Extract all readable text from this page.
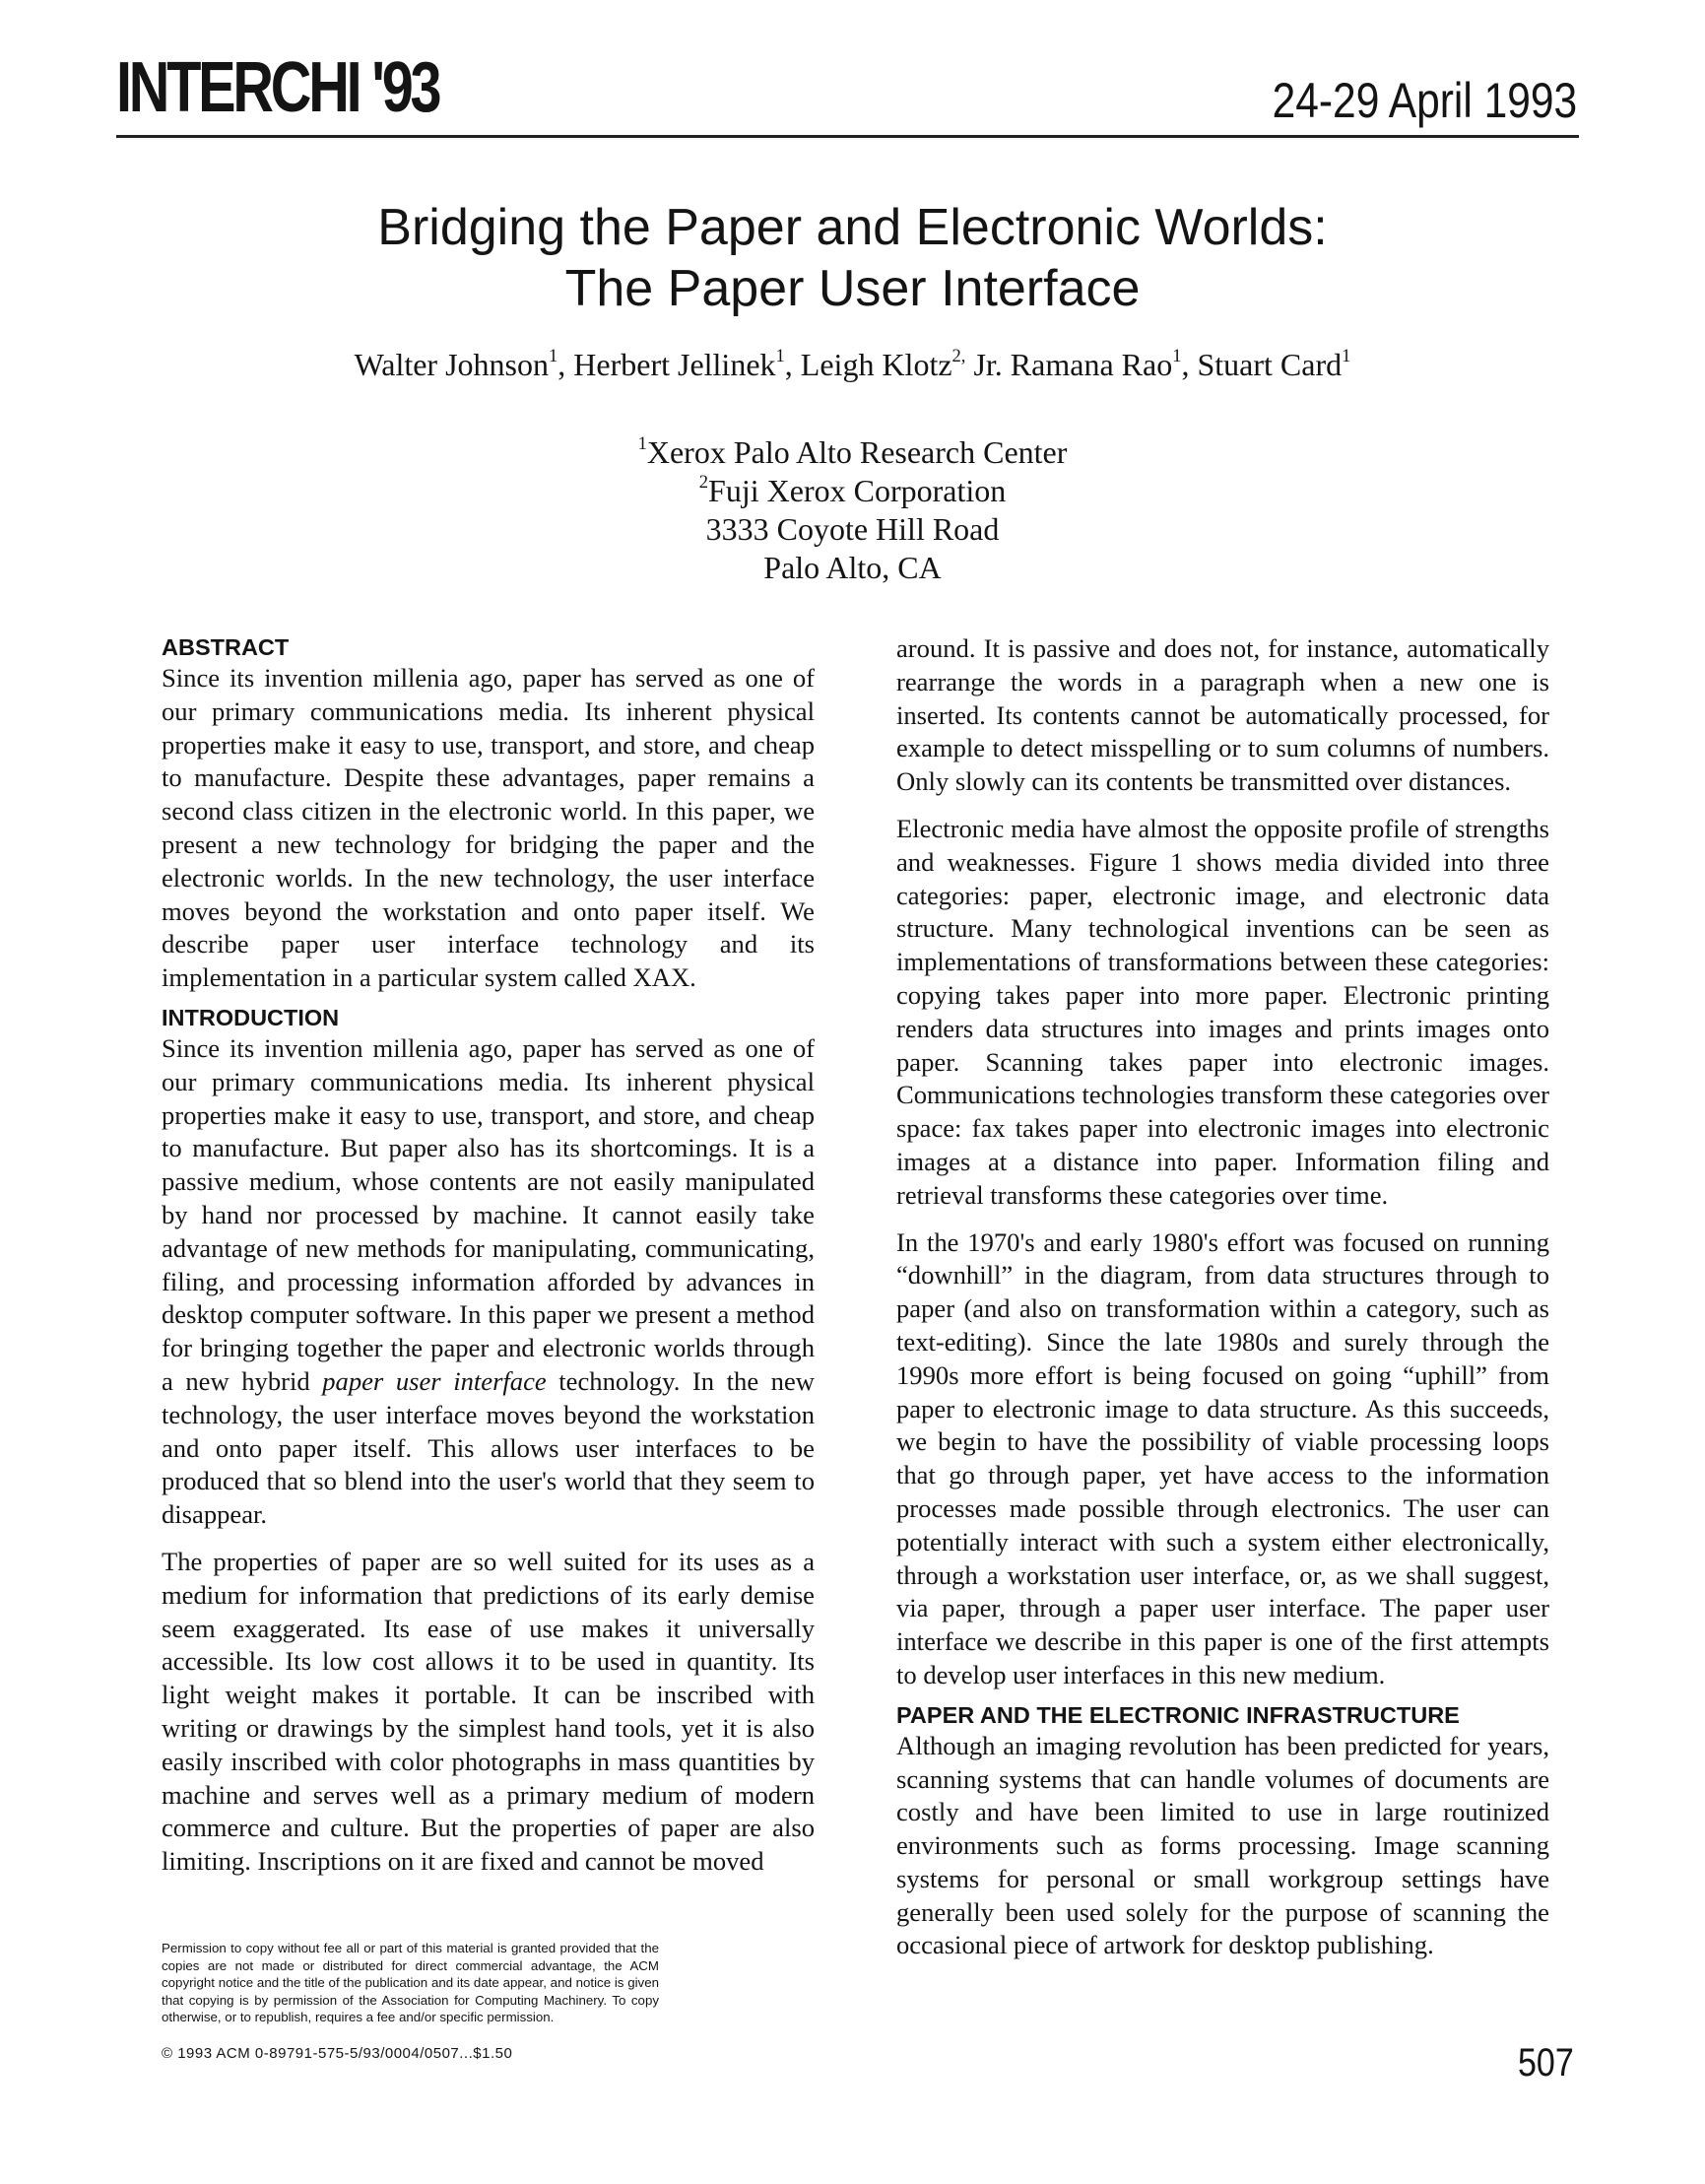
INTERCHI '93	24-29 April 1993
Bridging the Paper and Electronic Worlds:
The Paper User Interface
Walter Johnson$^1$, Herbert Jellinek$^1$, Leigh Klotz$^{2,}$ Jr. Ramana Rao$^1$, Stuart Card$^1$
$^1$Xerox Palo Alto Research Center
$^2$Fuji Xerox Corporation
3333 Coyote Hill Road
Palo Alto, CA
ABSTRACT

Since its invention millenia ago, paper has served as one of our primary communications media. Its inherent physical properties make it easy to use, transport, and store, and cheap to manufacture. Despite these advantages, paper remains a second class citizen in the electronic world. In this paper, we present a new technology for bridging the paper and the electronic worlds. In the new technology, the user interface moves beyond the workstation and onto paper itself. We describe paper user interface technology and its implementation in a particular system called XAX.

INTRODUCTION

Since its invention millenia ago, paper has served as one of our primary communications media. Its inherent physical properties make it easy to use, transport, and store, and cheap to manufacture. But paper also has its shortcomings. It is a passive medium, whose contents are not easily manipulated by hand nor processed by machine. It cannot easily take advantage of new methods for manipulating, communicating, filing, and processing information afforded by advances in desktop computer software. In this paper we present a method for bringing together the paper and electronic worlds through a new hybrid paper user interface technology. In the new technology, the user interface moves beyond the workstation and onto paper itself. This allows user interfaces to be produced that so blend into the user's world that they seem to disappear.

The properties of paper are so well suited for its uses as a medium for information that predictions of its early demise seem exaggerated. Its ease of use makes it universally accessible. Its low cost allows it to be used in quantity. Its light weight makes it portable. It can be inscribed with writing or drawings by the simplest hand tools, yet it is also easily inscribed with color photographs in mass quantities by machine and serves well as a primary medium of modern commerce and culture. But the properties of paper are also limiting. Inscriptions on it are fixed and cannot be moved

Permission to copy without fee all or part of this material is granted provided that the copies are not made or distributed for direct commercial advantage, the ACM copyright notice and the title of the publication and its date appear, and notice is given that copying is by permission of the Association for Computing Machinery. To copy otherwise, or to republish, requires a fee and/or specific permission.
© 1993 ACM 0-89791-575-5/93/0004/0507...$1.50

around. It is passive and does not, for instance, automatically rearrange the words in a paragraph when a new one is inserted. Its contents cannot be automatically processed, for example to detect misspelling or to sum columns of numbers. Only slowly can its contents be transmitted over distances.

Electronic media have almost the opposite profile of strengths and weaknesses. Figure 1 shows media divided into three categories: paper, electronic image, and electronic data structure. Many technological inventions can be seen as implementations of transformations between these categories: copying takes paper into more paper. Electronic printing renders data structures into images and prints images onto paper. Scanning takes paper into electronic images. Communications technologies transform these categories over space: fax takes paper into electronic images into electronic images at a distance into paper. Information filing and retrieval transforms these categories over time.

In the 1970's and early 1980's effort was focused on running “downhill” in the diagram, from data structures through to paper (and also on transformation within a category, such as text-editing). Since the late 1980s and surely through the 1990s more effort is being focused on going “uphill” from paper to electronic image to data structure. As this succeeds, we begin to have the possibility of viable processing loops that go through paper, yet have access to the information processes made possible through electronics. The user can potentially interact with such a system either electronically, through a workstation user interface, or, as we shall suggest, via paper, through a paper user interface. The paper user interface we describe in this paper is one of the first attempts to develop user interfaces in this new medium.

PAPER AND THE ELECTRONIC INFRASTRUCTURE

Although an imaging revolution has been predicted for years, scanning systems that can handle volumes of documents are costly and have been limited to use in large routinized environments such as forms processing. Image scanning systems for personal or small workgroup settings have generally been used solely for the purpose of scanning the occasional piece of artwork for desktop publishing.

507
